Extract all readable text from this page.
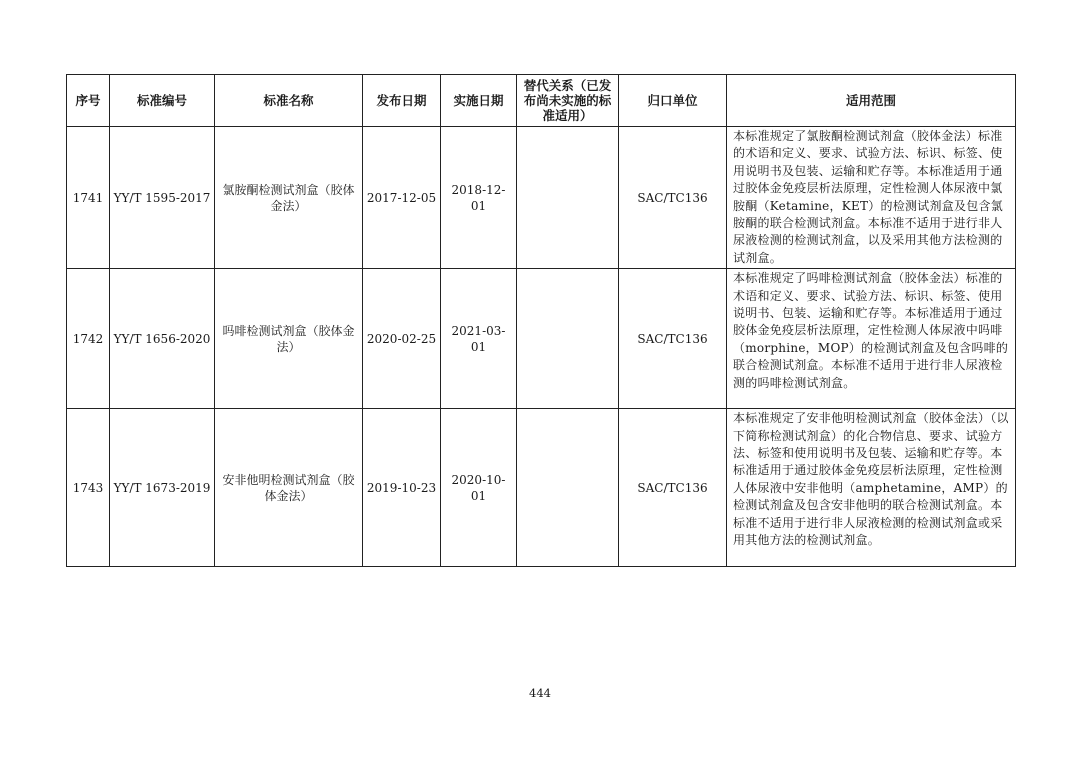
序号	标准编号	标准名称	发布日期	实施日期	替代关系（已发布尚未实施的标准适用）	归口单位	适用范围
1741	YY/T 1595-2017	氯胺酮检测试剂盒（胶体金法）	2017-12-05	2018-12-01		SAC/TC136	本标准规定了氯胺酮检测试剂盒（胶体金法）标准的术语和定义、要求、试验方法、标识、标签、使用说明书及包装、运输和贮存等。本标准适用于通过胶体金免疫层析法原理，定性检测人体尿液中氯胺酮（Ketamine，KET）的检测试剂盒及包含氯胺酮的联合检测试剂盒。本标准不适用于进行非人尿液检测的检测试剂盒，以及采用其他方法检测的试剂盒。
1742	YY/T 1656-2020	吗啡检测试剂盒（胶体金法）	2020-02-25	2021-03-01		SAC/TC136	本标准规定了吗啡检测试剂盒（胶体金法）标准的术语和定义、要求、试验方法、标识、标签、使用说明书、包装、运输和贮存等。本标准适用于通过胶体金免疫层析法原理，定性检测人体尿液中吗啡（morphine，MOP）的检测试剂盒及包含吗啡的联合检测试剂盒。本标准不适用于进行非人尿液检测的吗啡检测试剂盒。
1743	YY/T 1673-2019	安非他明检测试剂盒（胶体金法）	2019-10-23	2020-10-01		SAC/TC136	本标准规定了安非他明检测试剂盒（胶体金法）（以下简称检测试剂盒）的化合物信息、要求、试验方法、标签和使用说明书及包装、运输和贮存等。本标准适用于通过胶体金免疫层析法原理，定性检测人体尿液中安非他明（amphetamine，AMP）的检测试剂盒及包含安非他明的联合检测试剂盒。本标准不适用于进行非人尿液检测的检测试剂盒或采用其他方法的检测试剂盒。
444
